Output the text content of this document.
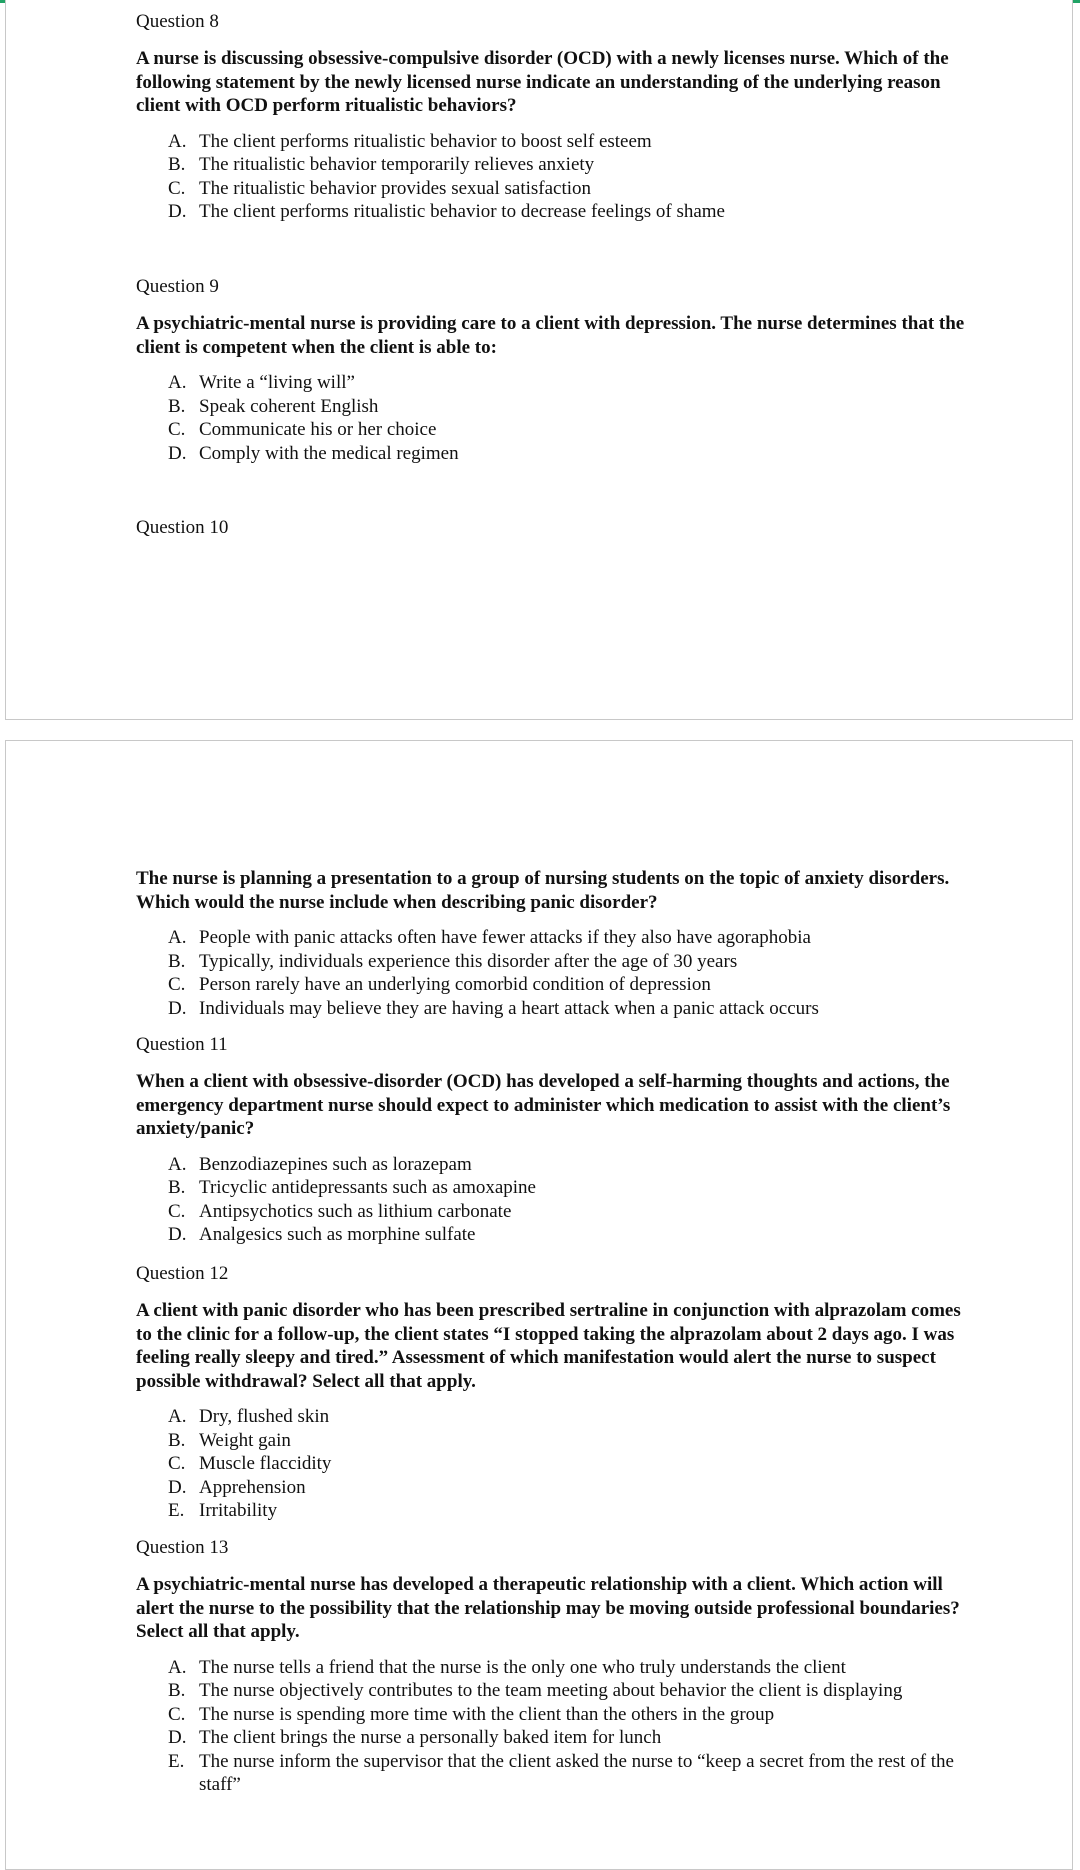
Question 8

A nurse is discussing obsessive-compulsive disorder (OCD) with a newly licenses nurse. Which of the following statement by the newly licensed nurse indicate an understanding of the underlying reason client with OCD perform ritualistic behaviors?

A. The client performs ritualistic behavior to boost self esteem
B. The ritualistic behavior temporarily relieves anxiety
C. The ritualistic behavior provides sexual satisfaction
D. The client performs ritualistic behavior to decrease feelings of shame

Question 9

A psychiatric-mental nurse is providing care to a client with depression. The nurse determines that the client is competent when the client is able to:

A. Write a “living will”
B. Speak coherent English
C. Communicate his or her choice
D. Comply with the medical regimen

Question 10

The nurse is planning a presentation to a group of nursing students on the topic of anxiety disorders. Which would the nurse include when describing panic disorder?

A. People with panic attacks often have fewer attacks if they also have agoraphobia
B. Typically, individuals experience this disorder after the age of 30 years
C. Person rarely have an underlying comorbid condition of depression
D. Individuals may believe they are having a heart attack when a panic attack occurs

Question 11

When a client with obsessive-disorder (OCD) has developed a self-harming thoughts and actions, the emergency department nurse should expect to administer which medication to assist with the client’s anxiety/panic?

A. Benzodiazepines such as lorazepam
B. Tricyclic antidepressants such as amoxapine
C. Antipsychotics such as lithium carbonate
D. Analgesics such as morphine sulfate

Question 12

A client with panic disorder who has been prescribed sertraline in conjunction with alprazolam comes to the clinic for a follow-up, the client states “I stopped taking the alprazolam about 2 days ago. I was feeling really sleepy and tired.” Assessment of which manifestation would alert the nurse to suspect possible withdrawal? Select all that apply.

A. Dry, flushed skin
B. Weight gain
C. Muscle flaccidity
D. Apprehension
E. Irritability

Question 13

A psychiatric-mental nurse has developed a therapeutic relationship with a client. Which action will alert the nurse to the possibility that the relationship may be moving outside professional boundaries? Select all that apply.

A. The nurse tells a friend that the nurse is the only one who truly understands the client
B. The nurse objectively contributes to the team meeting about behavior the client is displaying
C. The nurse is spending more time with the client than the others in the group
D. The client brings the nurse a personally baked item for lunch
E. The nurse inform the supervisor that the client asked the nurse to “keep a secret from the rest of the staff”
